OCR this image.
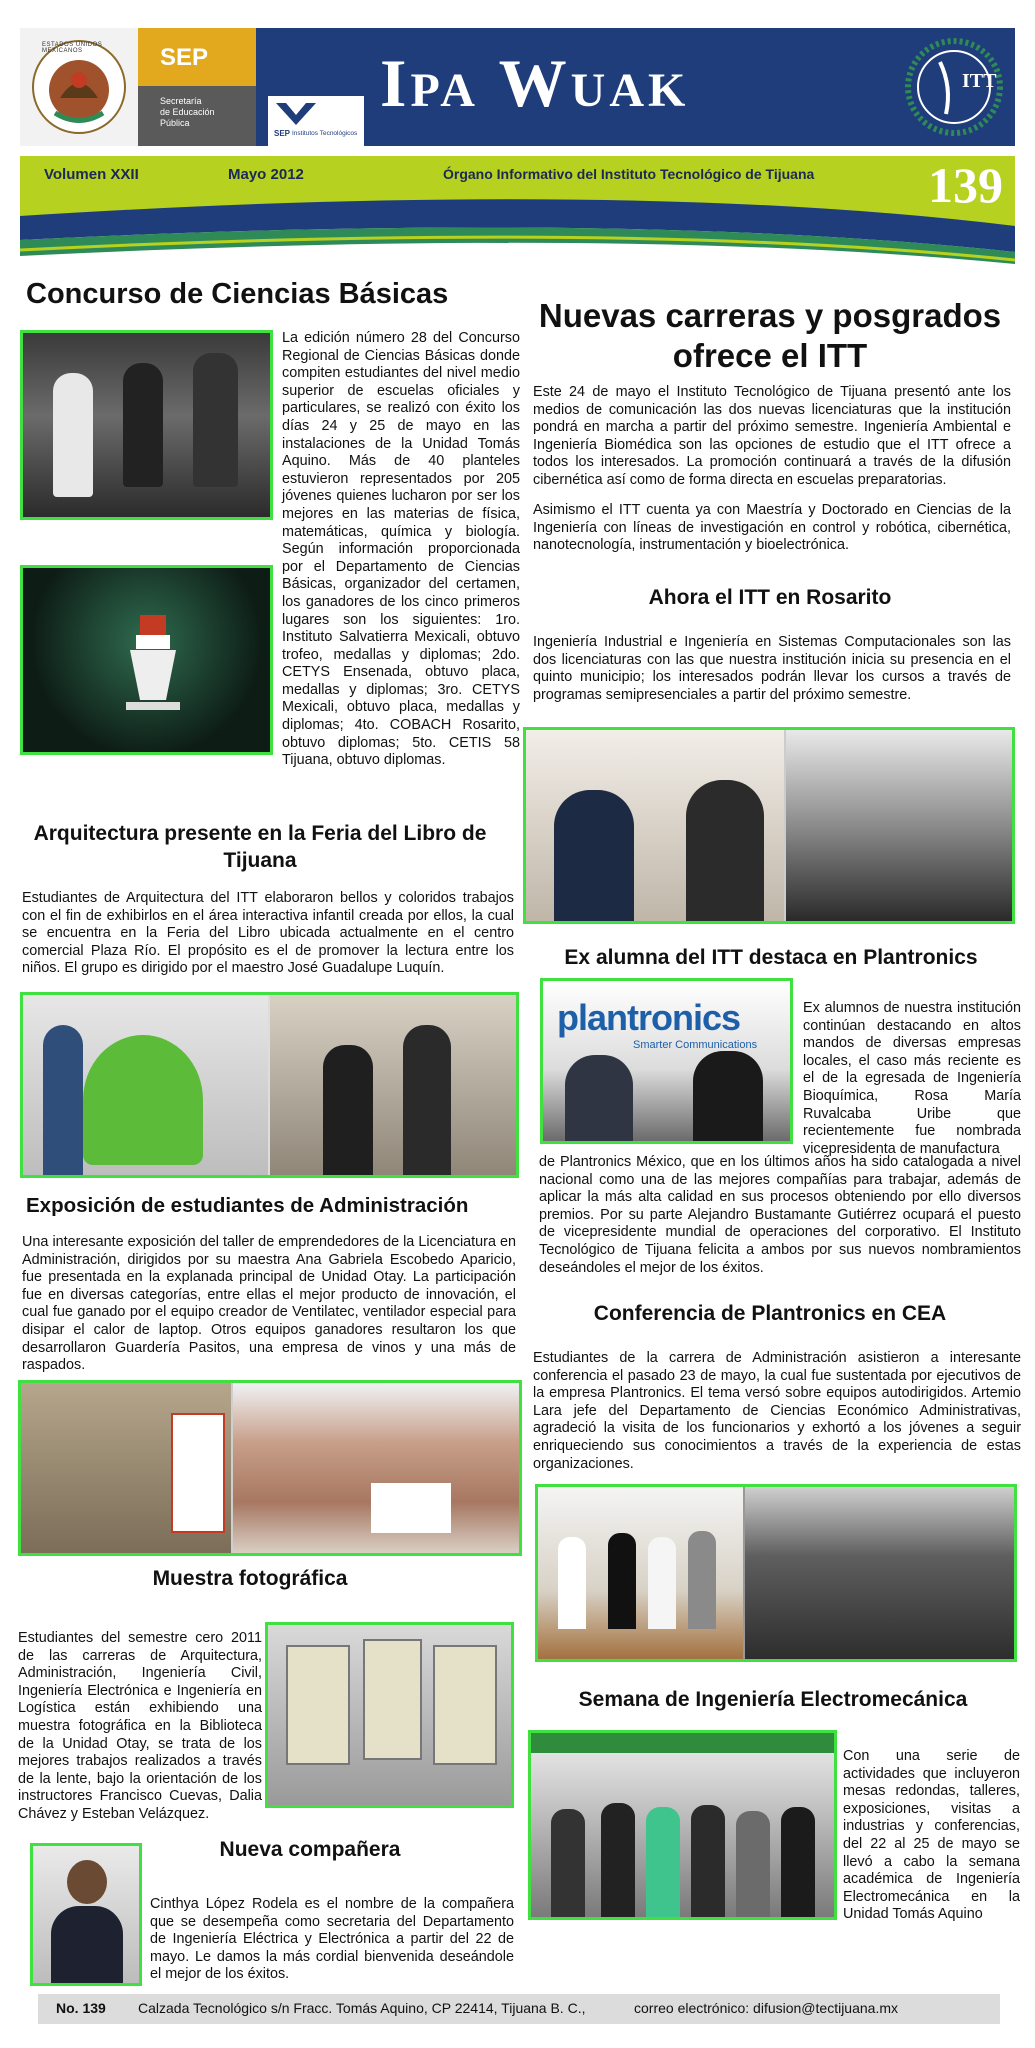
ESTADOS UNIDOS MEXICANOS	SEP
Secretaría
de Educación
Pública
SEP Institutos Tecnológicos
Ipa Wuak	ITT
Volumen XXII	Mayo 2012	Órgano Informativo del Instituto Tecnológico de Tijuana 139
Concurso de Ciencias Básicas
La edición número 28 del Concurso Regional de Ciencias Básicas donde compiten estudiantes del nivel medio superior de escuelas oficiales y particulares, se realizó con éxito los días 24 y 25 de mayo en las instalaciones de la Unidad Tomás Aquino. Más de 40 planteles estuvieron representados por 205 jóvenes quienes lucharon por ser los mejores en las materias de física, matemáticas, química y biología. Según información proporcionada por el Departamento de Ciencias Básicas, organizador del certamen, los ganadores de los cinco primeros lugares son los siguientes: 1ro. Instituto Salvatierra Mexicali, obtuvo trofeo, medallas y diplomas; 2do. CETYS Ensenada, obtuvo placa, medallas y diplomas; 3ro. CETYS Mexicali, obtuvo placa, medallas y diplomas; 4to. COBACH Rosarito, obtuvo diplomas; 5to. CETIS 58 Tijuana, obtuvo diplomas.
Arquitectura presente en la Feria del Libro de Tijuana
Estudiantes de Arquitectura del ITT elaboraron bellos y coloridos trabajos con el fin de exhibirlos en el área interactiva infantil creada por ellos, la cual se encuentra en la Feria del Libro ubicada actualmente en el centro comercial Plaza Río. El propósito es el de promover la lectura entre los niños. El grupo es dirigido por el maestro José Guadalupe Luquín.
Exposición de estudiantes de Administración
Una interesante exposición del taller de emprendedores de la Licenciatura en Administración, dirigidos por su maestra Ana Gabriela Escobedo Aparicio, fue presentada en la explanada principal de Unidad Otay. La participación fue en diversas categorías, entre ellas el mejor producto de innovación, el cual fue ganado por el equipo creador de Ventilatec, ventilador especial para disipar el calor de laptop. Otros equipos ganadores resultaron los que desarrollaron Guardería Pasitos, una empresa de vinos y una más de raspados.
Muestra fotográfica
Estudiantes del semestre cero 2011 de las carreras de Arquitectura, Administración, Ingeniería Civil, Ingeniería Electrónica e Ingeniería en Logística están exhibiendo una muestra fotográfica en la Biblioteca de la Unidad Otay, se trata de los mejores trabajos realizados a través de la lente, bajo la orientación de los instructores Francisco Cuevas, Dalia Chávez y Esteban Velázquez.
Nueva compañera
Cinthya López Rodela es el nombre de la compañera que se desempeña como secretaria del Departamento de Ingeniería Eléctrica y Electrónica a partir del 22 de mayo. Le damos la más cordial bienvenida deseándole el mejor de los éxitos.
Nuevas carreras y posgrados ofrece el ITT
Este 24 de mayo el Instituto Tecnológico de Tijuana presentó ante los medios de comunicación las dos nuevas licenciaturas que la institución pondrá en marcha a partir del próximo semestre. Ingeniería Ambiental e Ingeniería Biomédica son las opciones de estudio que el ITT ofrece a todos los interesados. La promoción continuará a través de la difusión cibernética así como de forma directa en escuelas preparatorias.
Asimismo el ITT cuenta ya con Maestría y Doctorado en Ciencias de la Ingeniería con líneas de investigación en control y robótica, cibernética, nanotecnología, instrumentación y bioelectrónica.
Ahora el ITT en Rosarito
Ingeniería Industrial e Ingeniería en Sistemas Computacionales son las dos licenciaturas con las que nuestra institución inicia su presencia en el quinto municipio; los interesados podrán llevar los cursos a través de programas semipresenciales a partir del próximo semestre.
Ex alumna del ITT destaca en Plantronics
plantronics
Smarter Communications
Ex alumnos de nuestra institución continúan destacando en altos mandos de diversas empresas locales, el caso más reciente es el de la egresada de Ingeniería Bioquímica, Rosa María Ruvalcaba Uribe que recientemente fue nombrada vicepresidenta de manufactura
de Plantronics México, que en los últimos años ha sido catalogada a nivel nacional como una de las mejores compañías para trabajar, además de aplicar la más alta calidad en sus procesos obteniendo por ello diversos premios. Por su parte Alejandro Bustamante Gutiérrez ocupará el puesto de vicepresidente mundial de operaciones del corporativo. El Instituto Tecnológico de Tijuana felicita a ambos por sus nuevos nombramientos deseándoles el mejor de los éxitos.
Conferencia de Plantronics en CEA
Estudiantes de la carrera de Administración asistieron a interesante conferencia el pasado 23 de mayo, la cual fue sustentada por ejecutivos de la empresa Plantronics. El tema versó sobre equipos autodirigidos. Artemio Lara jefe del Departamento de Ciencias Económico Administrativas, agradeció la visita de los funcionarios y exhortó a los jóvenes a seguir enriqueciendo sus conocimientos a través de la experiencia de estas organizaciones.
Semana de Ingeniería Electromecánica
Con una serie de actividades que incluyeron mesas redondas, talleres, exposiciones, visitas a industrias y conferencias, del 22 al 25 de mayo se llevó a cabo la semana académica de Ingeniería Electromecánica en la Unidad Tomás Aquino
No. 139 Calzada Tecnológico s/n Fracc. Tomás Aquino, CP 22414, Tijuana B. C.,	correo electrónico: difusion@tectijuana.mx
